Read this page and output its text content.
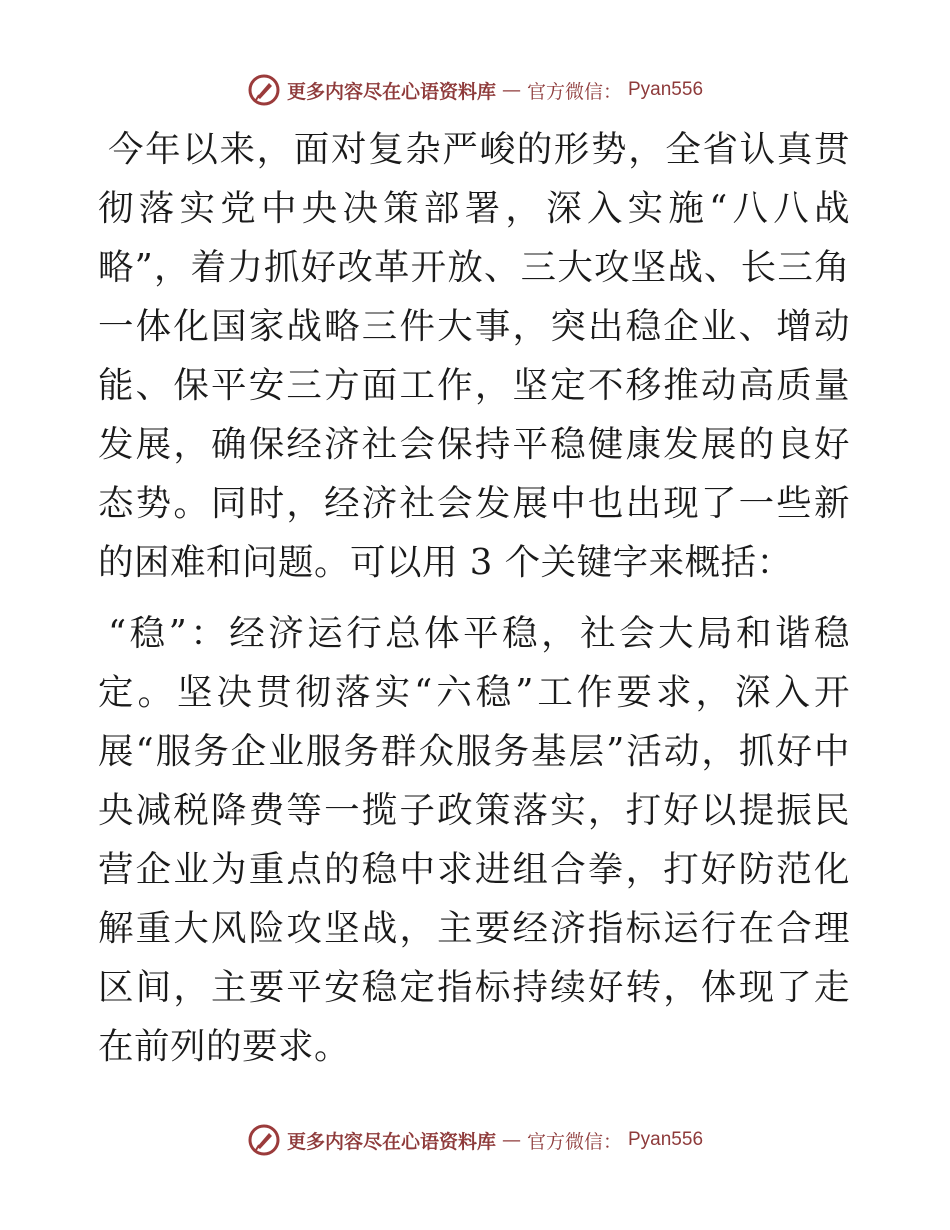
更多内容尽在心语资料库 — 官方微信： Pyan556

今年以来，面对复杂严峻的形势，全省认真贯彻落实党中央决策部署，深入实施“八八战略”，着力抓好改革开放、三大攻坚战、长三角一体化国家战略三件大事，突出稳企业、增动能、保平安三方面工作，坚定不移推动高质量发展，确保经济社会保持平稳健康发展的良好态势。同时，经济社会发展中也出现了一些新的困难和问题。可以用 3 个关键字来概括：

“稳”：经济运行总体平稳，社会大局和谐稳定。坚决贯彻落实“六稳”工作要求，深入开展“服务企业服务群众服务基层”活动，抓好中央减税降费等一揽子政策落实，打好以提振民营企业为重点的稳中求进组合拳，打好防范化解重大风险攻坚战，主要经济指标运行在合理区间，主要平安稳定指标持续好转，体现了走在前列的要求。

更多内容尽在心语资料库 — 官方微信： Pyan556
